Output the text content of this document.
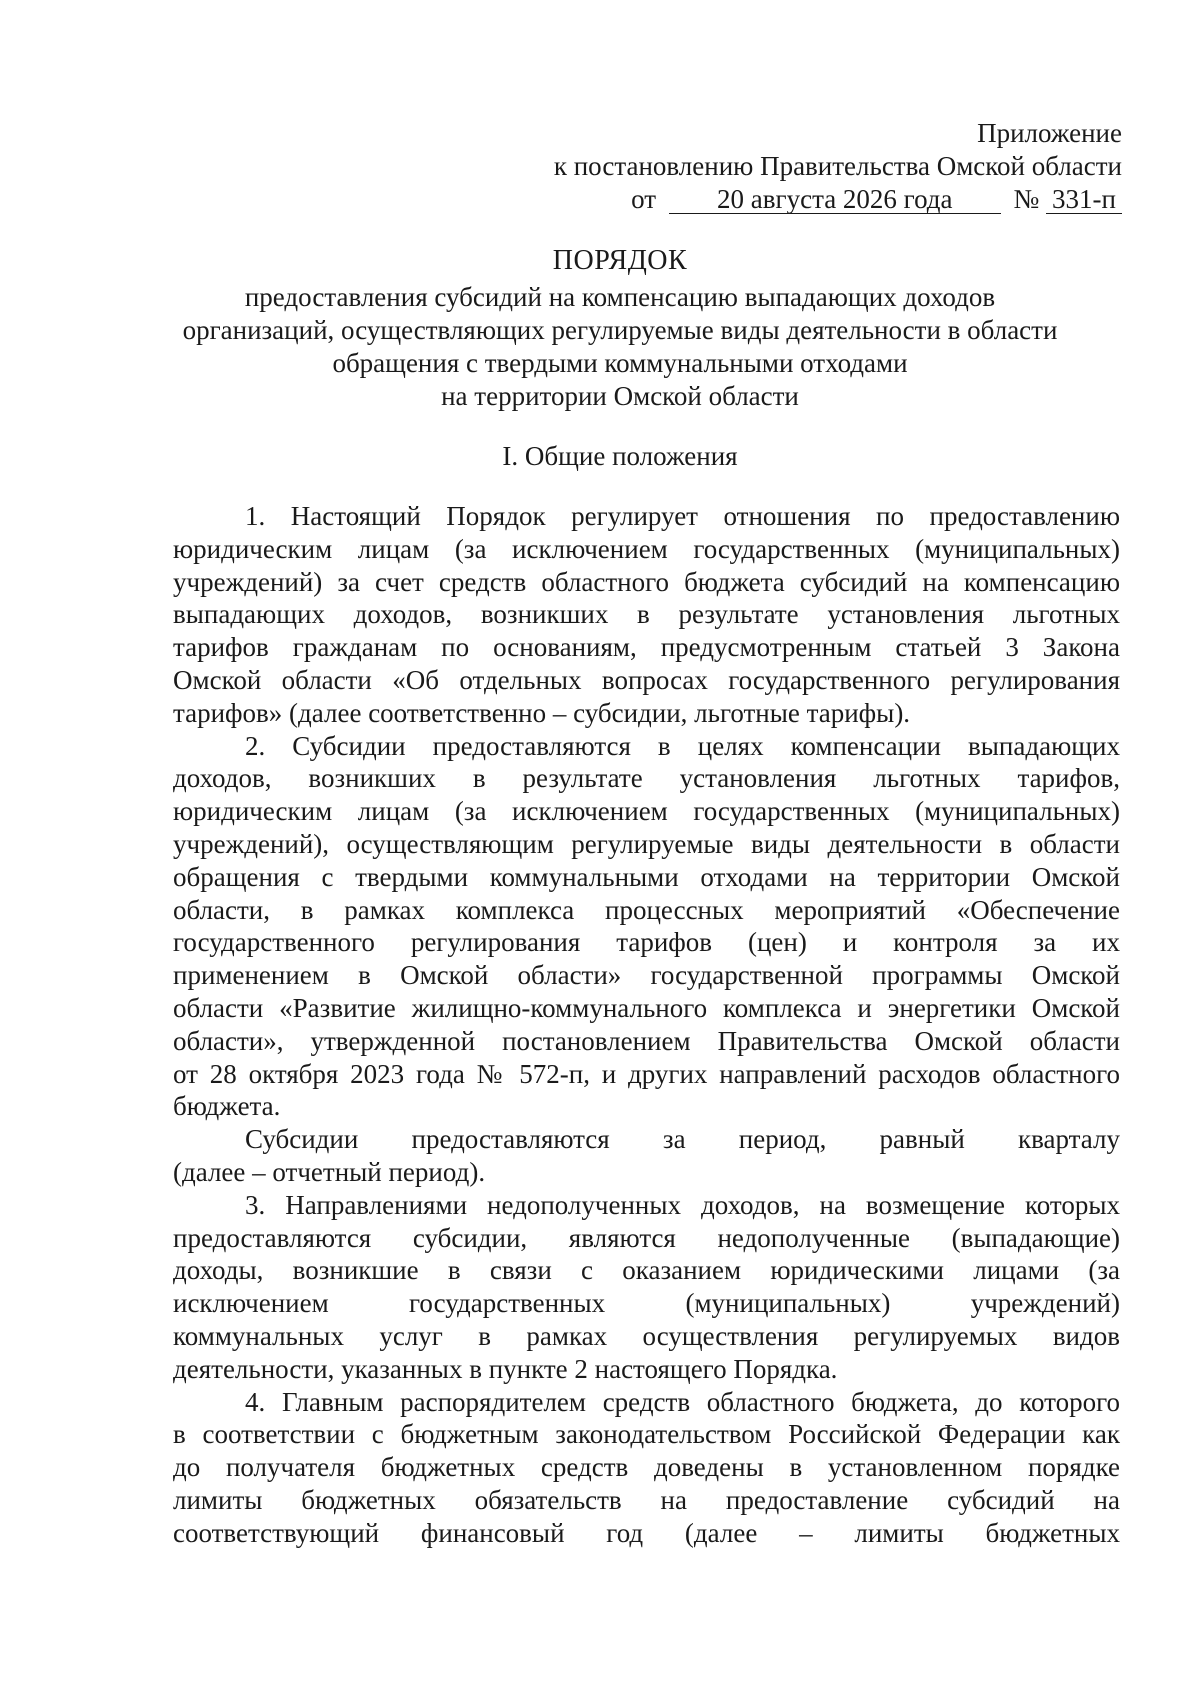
Приложение
к постановлению Правительства Омской области
от 20 августа 2026 года № 331-п
ПОРЯДОК
предоставления субсидий на компенсацию выпадающих доходов
организаций, осуществляющих регулируемые виды деятельности в области
обращения с твердыми коммунальными отходами
на территории Омской области
I. Общие положения

1. Настоящий Порядок регулирует отношения по предоставлению
юридическим лицам (за исключением государственных (муниципальных)
учреждений) за счет средств областного бюджета субсидий на компенсацию
выпадающих доходов, возникших в результате установления льготных
тарифов гражданам по основаниям, предусмотренным статьей 3 Закона
Омской области «Об отдельных вопросах государственного регулирования
тарифов» (далее соответственно – субсидии, льготные тарифы).

2. Субсидии предоставляются в целях компенсации выпадающих
доходов, возникших в результате установления льготных тарифов,
юридическим лицам (за исключением государственных (муниципальных)
учреждений), осуществляющим регулируемые виды деятельности в области
обращения с твердыми коммунальными отходами на территории Омской
области, в рамках комплекса процессных мероприятий «Обеспечение
государственного регулирования тарифов (цен) и контроля за их
применением в Омской области» государственной программы Омской
области «Развитие жилищно-коммунального комплекса и энергетики Омской
области», утвержденной постановлением Правительства Омской области
от 28 октября 2023 года № 572-п, и других направлений расходов областного
бюджета.

Субсидии предоставляются за период, равный кварталу
(далее – отчетный период).

3. Направлениями недополученных доходов, на возмещение которых
предоставляются субсидии, являются недополученные (выпадающие)
доходы, возникшие в связи с оказанием юридическими лицами (за
исключением государственных (муниципальных) учреждений)
коммунальных услуг в рамках осуществления регулируемых видов
деятельности, указанных в пункте 2 настоящего Порядка.

4. Главным распорядителем средств областного бюджета, до которого
в соответствии с бюджетным законодательством Российской Федерации как
до получателя бюджетных средств доведены в установленном порядке
лимиты бюджетных обязательств на предоставление субсидий на
соответствующий финансовый год (далее – лимиты бюджетных
